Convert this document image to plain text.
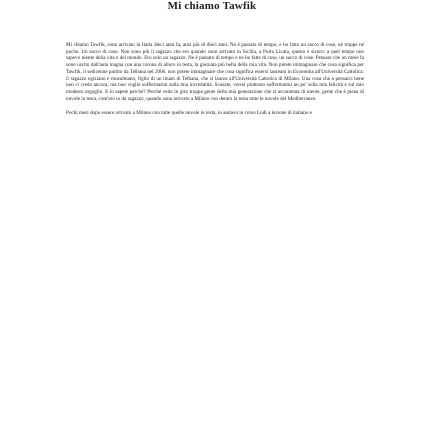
Mi chiamo Tawfik

Mi chiamo Tawfik, sono arrivato in Italia dieci anni fa, anzi più di dieci anni. Ne è passato di tempo, e ho fatto un sacco di cose, né troppe né poche. Un sacco di cose. Non sono più il ragazzo che ero quando sono arrivato in Sicilia, a Porto Licata, questo è sicuro: a quel tempo non sapevo niente della vita e del mondo. Ero solo un ragazzo. Ne è passato di tempo e ne ho fatte di cose, un sacco di cose. Pensare che un mese fa sono uscito dall'aula magna con una corona di alloro in testa, la giornata più bella della mia vita. Non potete immaginare che cosa significa per Tawfik, il sedicenne partito da Telbana nel 2006, non potete immaginare che cosa significa essersi laureato in Economia all'Università Cattolica: il ragazzo egiziano e musulmano, figlio di un imam di Telbana, che si laurea all'Università Cattolica di Milano. Una cosa che a pensarci bene non ci credo ancora, ma non voglio soffermarmi sulla mia incredulità. Scusate, vorrei piuttosto soffermarmi un po' sulla mia felicità e sul mio modesto orgoglio. E lo sapete perché? Perché vedo in giro troppa gente della mia generazione che si accontenta di niente, gente che è piena di nuvole in testa, com'ero io da ragazzo, quando sono arrivato a Milano con dentro la testa tutte le nuvole del Mediterraneo.

Pochi mesi dopo essere arrivato a Milano con tutte quelle nuvole in testa, io andavo in corso Lodi a lezione di italiano e
